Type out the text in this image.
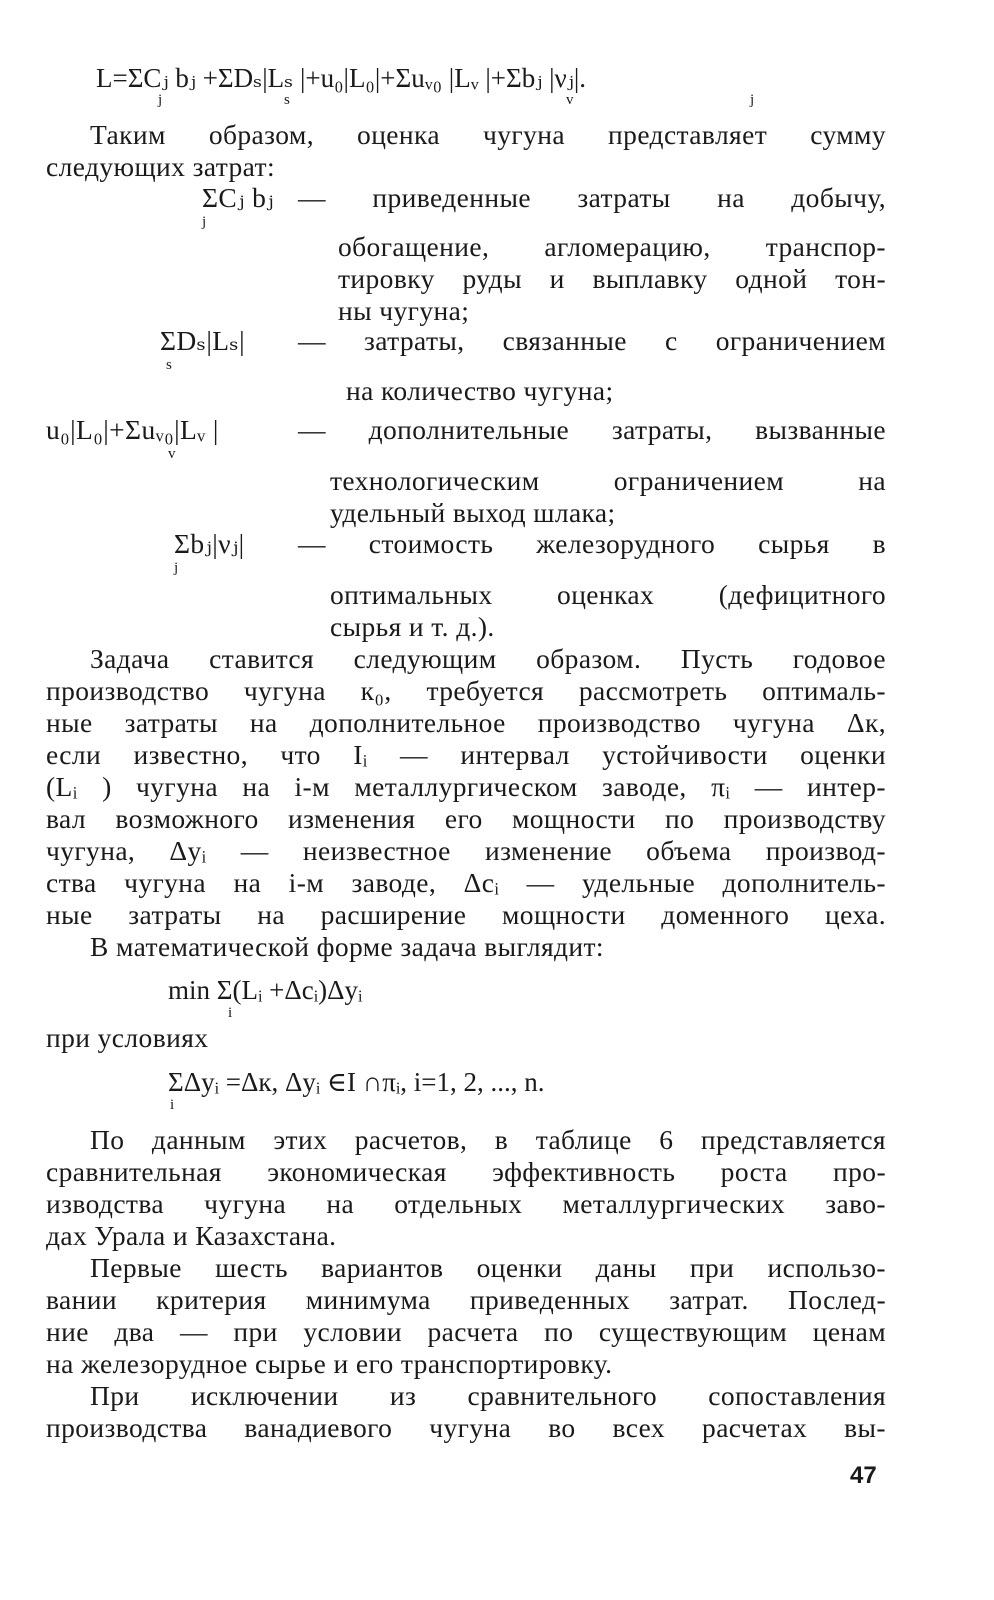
L=ΣCⱼ bⱼ +ΣDₛ|Lₛ |+u₀|L₀|+Σuᵥ₀ |Lᵥ |+Σbⱼ |νⱼ|.
j	s	v	j
Таким образом, оценка чугуна представляет сумму
следующих затрат:
ΣCⱼ bⱼ
j
— приведенные затраты на добычу,
обогащение, агломерацию, транспор-
тировку руды и выплавку одной тон-
ны чугуна;
ΣDₛ|Lₛ|
s
— затраты, связанные с ограничением
на количество чугуна;
u₀|L₀|+Σuᵥ₀|Lᵥ |
v
— дополнительные затраты, вызванные
технологическим ограничением на
удельный выход шлака;
Σbⱼ|νⱼ|
j
— стоимость железорудного сырья в
оптимальных оценках (дефицитного
сырья и т. д.).
Задача ставится следующим образом. Пусть годовое
производство чугуна к₀, требуется рассмотреть оптималь-
ные затраты на дополнительное производство чугуна Δк,
если известно, что Iᵢ — интервал устойчивости оценки
(Lᵢ ) чугуна на i-м металлургическом заводе, πᵢ — интер-
вал возможного изменения его мощности по производству
чугуна, Δyᵢ — неизвестное изменение объема производ-
ства чугуна на i-м заводе, Δcᵢ — удельные дополнитель-
ные затраты на расширение мощности доменного цеха.
В математической форме задача выглядит:
min Σ(Lᵢ +Δcᵢ)Δyᵢ
i
при условиях
ΣΔyᵢ =Δк, Δyᵢ ∈I ∩πᵢ, i=1, 2, ..., n.
i
По данным этих расчетов, в таблице 6 представляется
сравнительная экономическая эффективность роста про-
изводства чугуна на отдельных металлургических заво-
дах Урала и Казахстана.
Первые шесть вариантов оценки даны при использо-
вании критерия минимума приведенных затрат. Послед-
ние два — при условии расчета по существующим ценам
на железорудное сырье и его транспортировку.
При исключении из сравнительного сопоставления
производства ванадиевого чугуна во всех расчетах вы-
47
